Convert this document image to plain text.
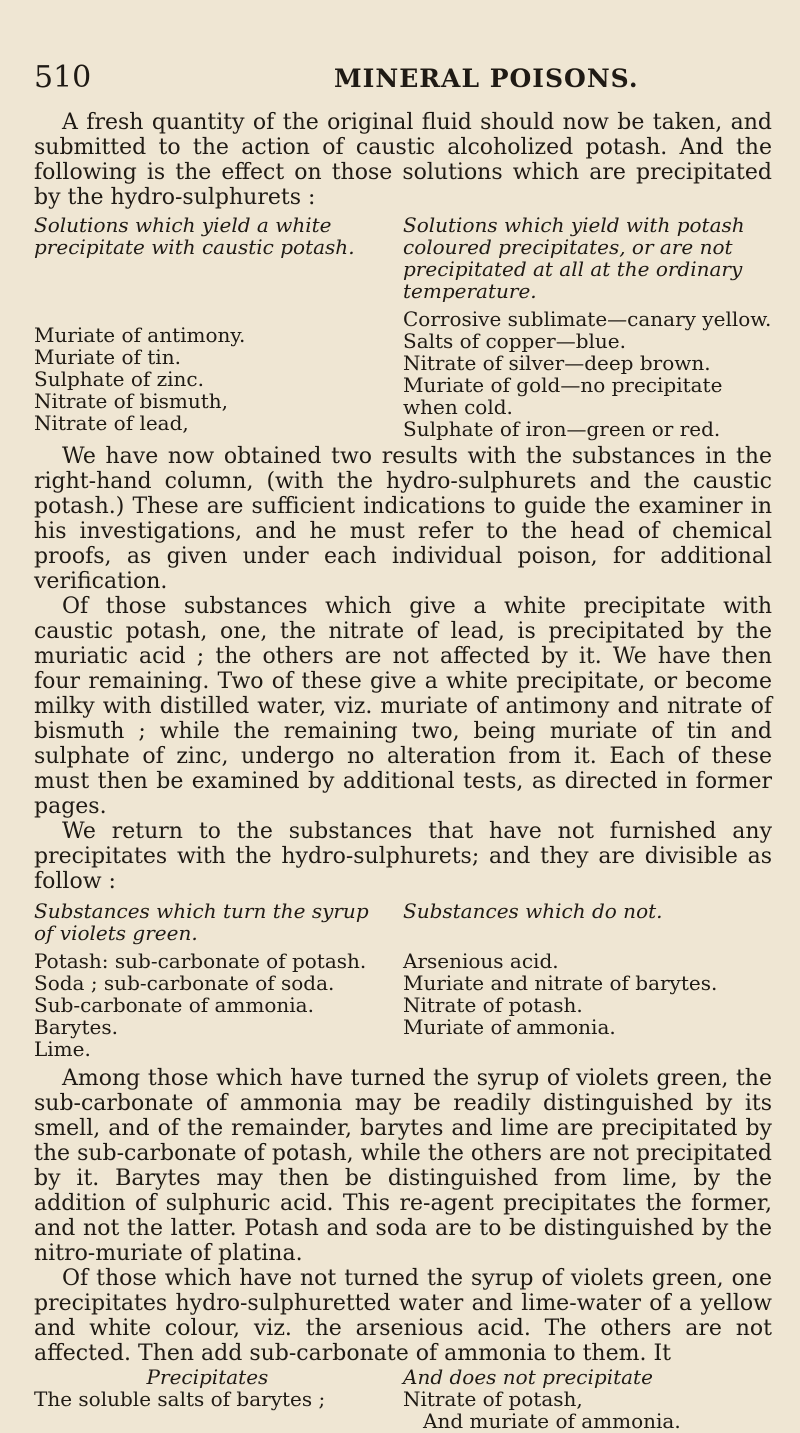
510	MINERAL POISONS.

A fresh quantity of the original fluid should now be taken, and submitted to the action of caustic alcoholized potash. And the following is the effect on those solutions which are precipitated by the hydro-sulphurets :

Solutions which yield a white precipitate with caustic potash.
Muriate of antimony.
Muriate of tin.
Sulphate of zinc.
Nitrate of bismuth,
Nitrate of lead,
Solutions which yield with potash coloured precipitates, or are not precipitated at all at the ordinary temperature.
Corrosive sublimate—canary yellow.
Salts of copper—blue.
Nitrate of silver—deep brown.
Muriate of gold—no precipitate when cold.
Sulphate of iron—green or red.

We have now obtained two results with the substances in the right-hand column, (with the hydro-sulphurets and the caustic potash.) These are sufficient indications to guide the examiner in his investigations, and he must refer to the head of chemical proofs, as given under each individual poison, for additional verification.

Of those substances which give a white precipitate with caustic potash, one, the nitrate of lead, is precipitated by the muriatic acid ; the others are not affected by it. We have then four remaining. Two of these give a white precipitate, or become milky with distilled water, viz. muriate of antimony and nitrate of bismuth ; while the remaining two, being muriate of tin and sulphate of zinc, undergo no alteration from it. Each of these must then be examined by additional tests, as directed in former pages.

We return to the substances that have not furnished any precipitates with the hydro-sulphurets; and they are divisible as follow :

Substances which turn the syrup of violets green.
Potash: sub-carbonate of potash.
Soda ; sub-carbonate of soda.
Sub-carbonate of ammonia.
Barytes.
Lime.
Substances which do not.
Arsenious acid.
Muriate and nitrate of barytes.
Nitrate of potash.
Muriate of ammonia.

Among those which have turned the syrup of violets green, the sub-carbonate of ammonia may be readily distinguished by its smell, and of the remainder, barytes and lime are precipitated by the sub-carbonate of potash, while the others are not precipitated by it. Barytes may then be distinguished from lime, by the addition of sulphuric acid. This re-agent precipitates the former, and not the latter. Potash and soda are to be distinguished by the nitro-muriate of platina.

Of those which have not turned the syrup of violets green, one precipitates hydro-sulphuretted water and lime-water of a yellow and white colour, viz. the arsenious acid. The others are not affected. Then add sub-carbonate of ammonia to them. It

Precipitates
The soluble salts of barytes ;
And does not precipitate
Nitrate of potash,
And muriate of ammonia.
